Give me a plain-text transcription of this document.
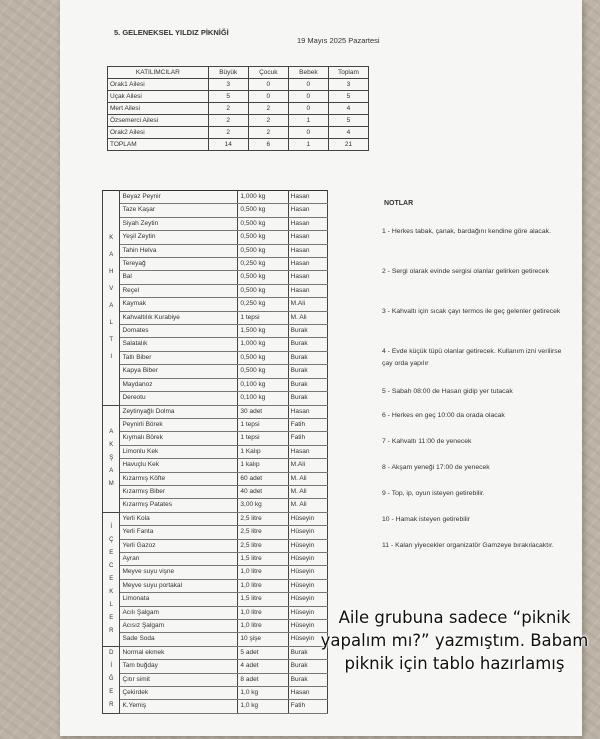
5. GELENEKSEL YILDIZ PİKNİĞİ
19 Mayıs 2025 Pazartesi
KATILIMCILAR	Büyük	Çocuk	Bebek	Toplam
Orak1 Ailesi	3	0	0	3
Uçak Ailesi	5	0	0	5
Mert Ailesi	2	2	0	4
Özsemerci Ailesi	2	2	1	5
Orak2 Ailesi	2	2	0	4
TOPLAM	14	6	1	21
K A H V A L T I	Beyaz Peynir	1,000 kg	Hasan
	Taze Kaşar	0,500 kg	Hasan
	Siyah Zeytin	0,500 kg	Hasan
	Yeşil Zeytin	0,500 kg	Hasan
	Tahin Helva	0,500 kg	Hasan
	Tereyağ	0,250 kg	Hasan
	Bal	0,500 kg	Hasan
	Reçel	0,500 kg	Hasan
	Kaymak	0,250 kg	M.Ali
	Kahvaltılık Kurabiye	1 tepsi	M. Ali
	Domates	1,500 kg	Burak
	Salatalık	1,000 kg	Burak
	Tatlı Biber	0,500 kg	Burak
	Kapya Biber	0,500 kg	Burak
	Maydanoz	0,100 kg	Burak
	Dereotu	0,100 kg	Burak
A K Ş A M	Zeytinyağlı Dolma	30 adet	Hasan
	Peynirli Börek	1 tepsi	Fatih
	Kıymalı Börek	1 tepsi	Fatih
	Limonlu Kek	1 Kalıp	Hasan
	Havuçlu Kek	1 kalıp	M.Ali
	Kızarmış Köfte	60 adet	M. Ali
	Kızarmış Biber	40 adet	M. Ali
	Kızarmış Patates	3,00 kg	M. Ali
İ Ç E C E K L E R	Yerli Kola	2,5 litre	Hüseyin
	Yerli Fanta	2,5 litre	Hüseyin
	Yerli Gazoz	2,5 litre	Hüseyin
	Ayran	1,5 litre	Hüseyin
	Meyve suyu vişne	1,0 litre	Hüseyin
	Meyve suyu portakal	1,0 litre	Hüseyin
	Limonata	1,5 litre	Hüseyin
	Acılı Şalgam	1,0 litre	Hüseyin
	Acısız Şalgam	1,0 litre	Hüseyin
	Sade Soda	10 şişe	Hüseyin
D İ Ğ E R	Normal ekmek	5 adet	Burak
	Tam buğday	4 adet	Burak
	Çıtır simit	8 adet	Burak
	Çekirdek	1,0 kg	Hasan
	K.Yemiş	1,0 kg	Fatih
NOTLAR
1 - Herkes tabak, çanak, bardağını kendine göre alacak.
2 - Sergi olarak evinde sergisi olanlar gelirken getirecek
3 - Kahvaltı için sıcak çayı termos ile geç gelenler getirecek
4 - Evde küçük tüpü olanlar getirecek. Kullanım izni verilirse çay orda yapılır
5 - Sabah 08:00 de Hasan gidip yer tutacak
6 - Herkes en geç 10:00 da orada olacak
7 - Kahvaltı 11:00 de yenecek
8 - Akşam yeneği 17:00 de yenecek
9 - Top, ip, oyun isteyen getirebilir.
10 - Hamak isteyen getirebilir
11 - Kalan yiyecekler organizatör Gamzeye bırakılacaktır.
Aile grubuna sadece “piknik yapalım mı?” yazmıştım. Babam piknik için tablo hazırlamış
